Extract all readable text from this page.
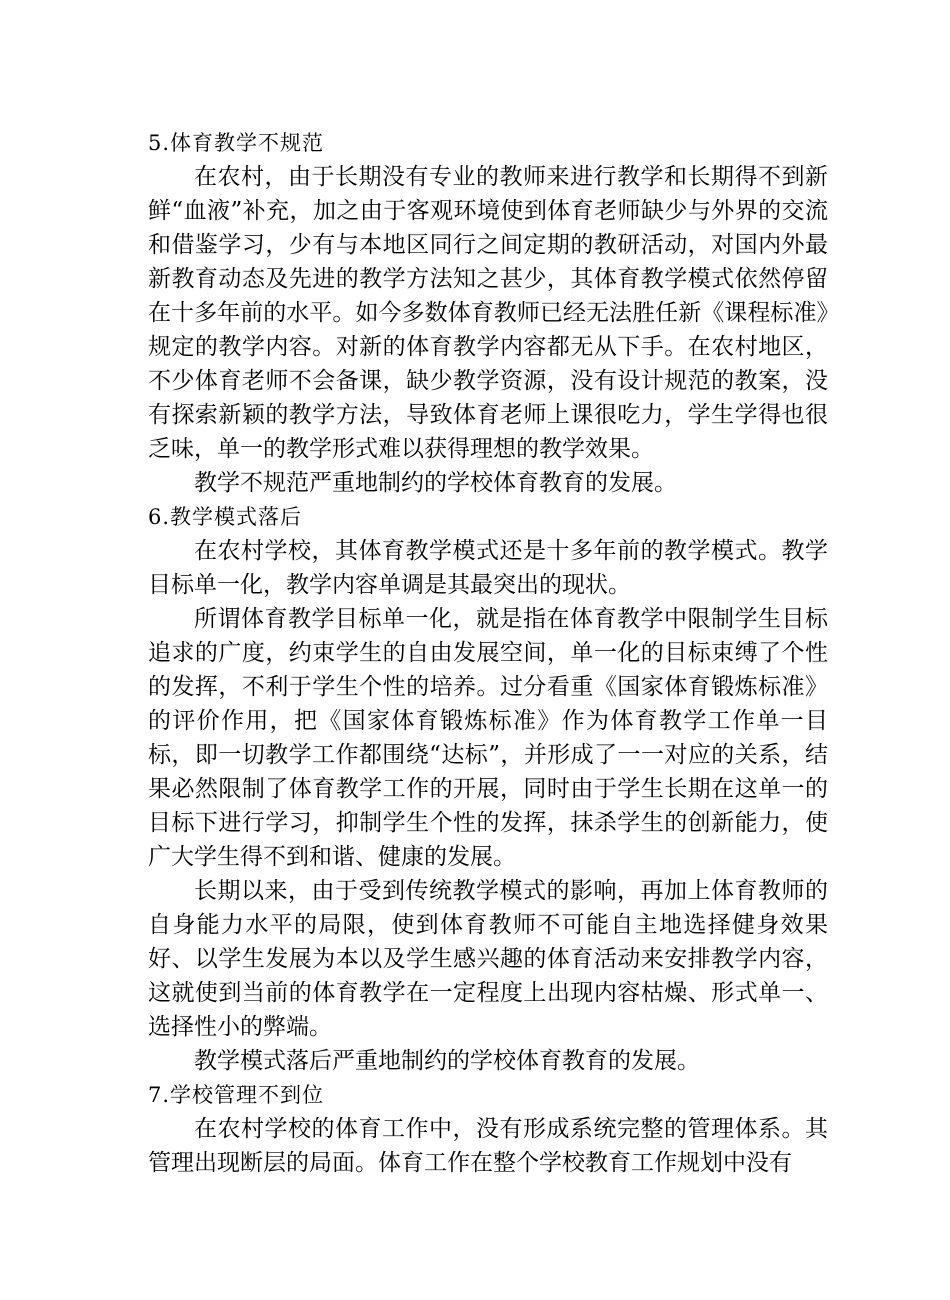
5.体育教学不规范

在农村，由于长期没有专业的教师来进行教学和长期得不到新鲜“血液”补充，加之由于客观环境使到体育老师缺少与外界的交流和借鉴学习，少有与本地区同行之间定期的教研活动，对国内外最新教育动态及先进的教学方法知之甚少，其体育教学模式依然停留在十多年前的水平。如今多数体育教师已经无法胜任新《课程标准》规定的教学内容。对新的体育教学内容都无从下手。在农村地区，不少体育老师不会备课，缺少教学资源，没有设计规范的教案，没有探索新颖的教学方法，导致体育老师上课很吃力，学生学得也很乏味，单一的教学形式难以获得理想的教学效果。

教学不规范严重地制约的学校体育教育的发展。

6.教学模式落后

在农村学校，其体育教学模式还是十多年前的教学模式。教学目标单一化，教学内容单调是其最突出的现状。

所谓体育教学目标单一化，就是指在体育教学中限制学生目标追求的广度，约束学生的自由发展空间，单一化的目标束缚了个性的发挥，不利于学生个性的培养。过分看重《国家体育锻炼标准》的评价作用，把《国家体育锻炼标准》作为体育教学工作单一目标，即一切教学工作都围绕“达标”，并形成了一一对应的关系，结果必然限制了体育教学工作的开展，同时由于学生长期在这单一的目标下进行学习，抑制学生个性的发挥，抹杀学生的创新能力，使广大学生得不到和谐、健康的发展。

长期以来，由于受到传统教学模式的影响，再加上体育教师的自身能力水平的局限，使到体育教师不可能自主地选择健身效果好、以学生发展为本以及学生感兴趣的体育活动来安排教学内容，这就使到当前的体育教学在一定程度上出现内容枯燥、形式单一、选择性小的弊端。

教学模式落后严重地制约的学校体育教育的发展。

7.学校管理不到位

在农村学校的体育工作中，没有形成系统完整的管理体系。其管理出现断层的局面。体育工作在整个学校教育工作规划中没有
